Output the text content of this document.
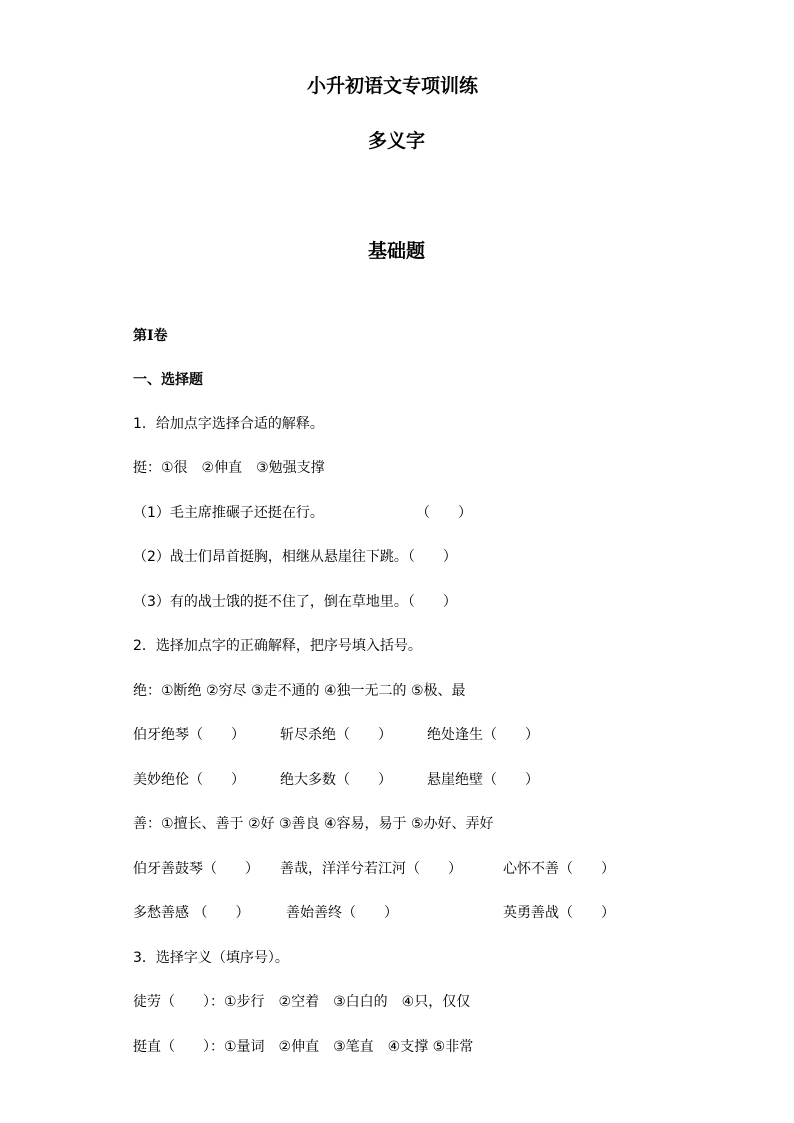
小升初语文专项训练
多义字
基础题
第Ⅰ卷
一、选择题
1．给加点字选择合适的解释。
挺：①很　②伸直　③勉强支撑
（1）毛主席推碾子还挺在行。	（　　）
（2）战士们昂首挺胸，相继从悬崖往下跳。（　　）
（3）有的战士饿的挺不住了，倒在草地里。（　　）
2．选择加点字的正确解释，把序号填入括号。
绝：①断绝 ②穷尽 ③走不通的 ④独一无二的 ⑤极、最
伯牙绝琴（　　）	斩尽杀绝（　　）	绝处逢生（　　）
美妙绝伦（　　）	绝大多数（　　）	悬崖绝壁（　　）
善：①擅长、善于 ②好 ③善良 ④容易，易于 ⑤办好、弄好
伯牙善鼓琴（　　） 善哉，洋洋兮若江河（　　）	心怀不善（　　）
多愁善感 （　　）	善始善终（　　）	英勇善战（　　）
3．选择字义（填序号）。
徒劳（　　）：①步行　②空着　③白白的　④只，仅仅
挺直（　　）：①量词　②伸直　③笔直　④支撑 ⑤非常
